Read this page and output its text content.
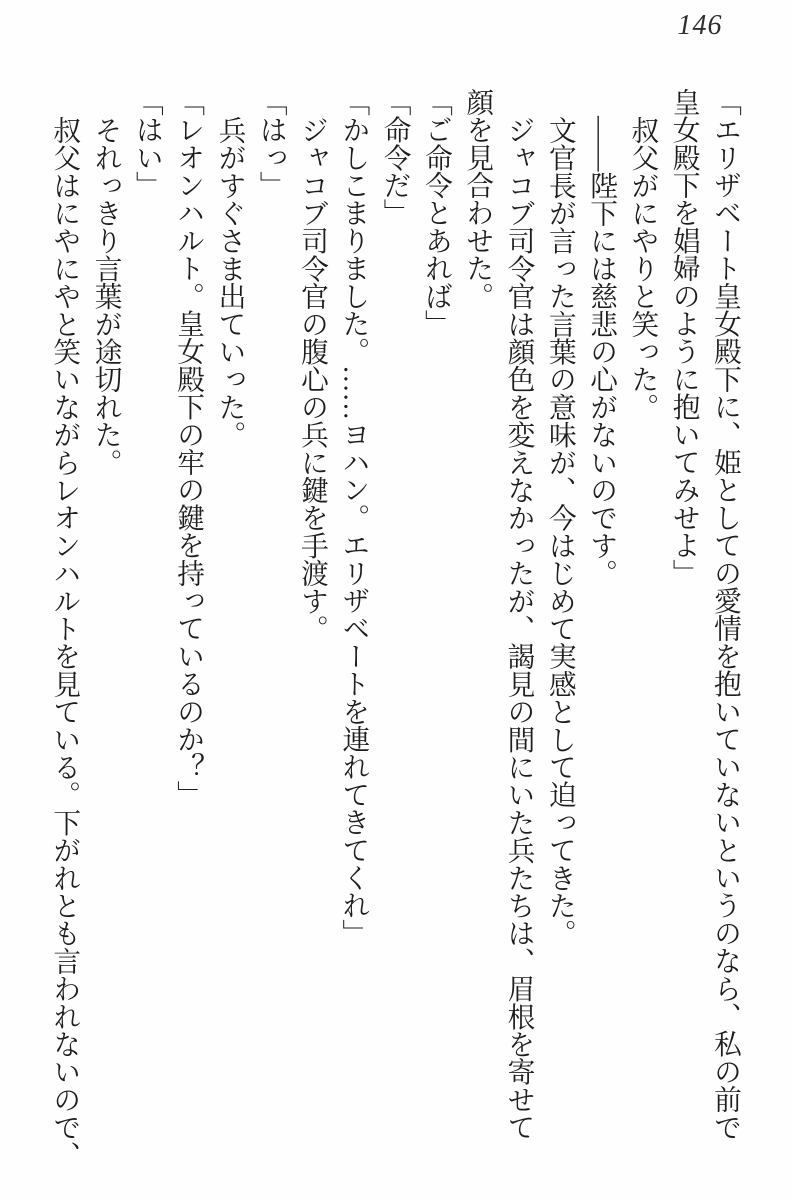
146
「エリザベート皇女殿下に、姫としての愛情を抱いていないというのなら、私の前で
皇女殿下を娼婦のように抱いてみせよ」
叔父がにやりと笑った。
――陛下には慈悲の心がないのです。
文官長が言った言葉の意味が、今はじめて実感として迫ってきた。
ジャコブ司令官は顔色を変えなかったが、謁見の間にいた兵たちは、眉根を寄せて
顔を見合わせた。
「ご命令とあれば」
「命令だ」
「かしこまりました。……ヨハン。エリザベートを連れてきてくれ」
ジャコブ司令官の腹心の兵に鍵を手渡す。
「はっ」
兵がすぐさま出ていった。
「レオンハルト。皇女殿下の牢の鍵を持っているのか？」
「はい」
それっきり言葉が途切れた。
叔父はにやにやと笑いながらレオンハルトを見ている。下がれとも言われないので、
